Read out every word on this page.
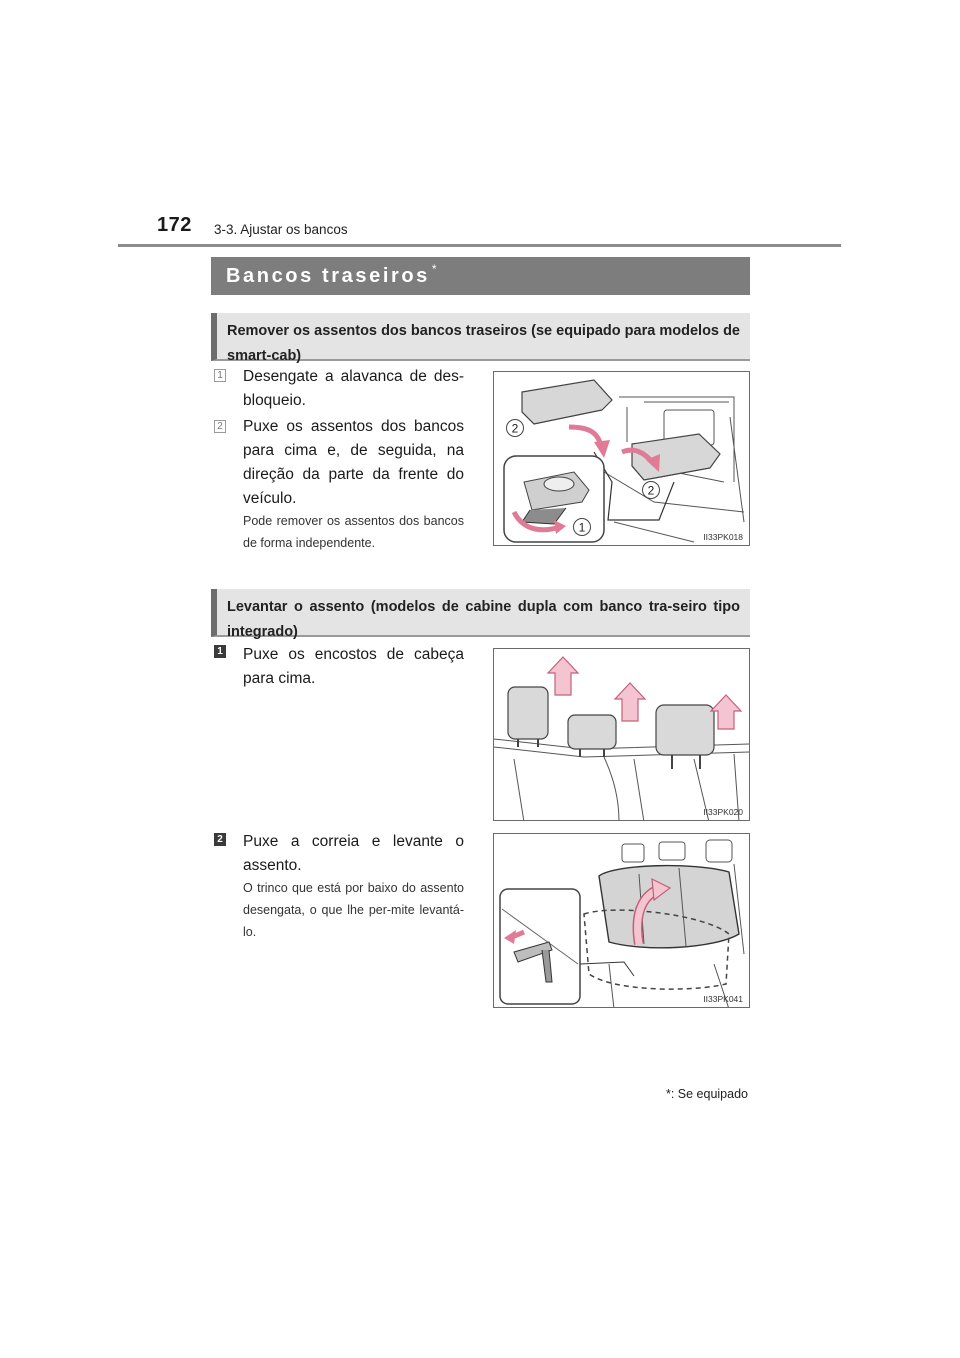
172 3-3. Ajustar os bancos
Bancos traseiros *
Remover os assentos dos bancos traseiros (se equipado para modelos de smart-cab)
1 Desengate a alavanca de des-bloqueio.
2 Puxe os assentos dos bancos para cima e, de seguida, na direção da parte da frente do veículo.
Pode remover os assentos dos bancos de forma independente.
2
2
1
II33PK018
Levantar o assento (modelos de cabine dupla com banco tra-seiro tipo integrado)
1 Puxe os encostos de cabeça para cima.
II33PK020
2 Puxe a correia e levante o assento.
O trinco que está por baixo do assento desengata, o que lhe per-mite levantá-lo.
II33PK041
*: Se equipado
